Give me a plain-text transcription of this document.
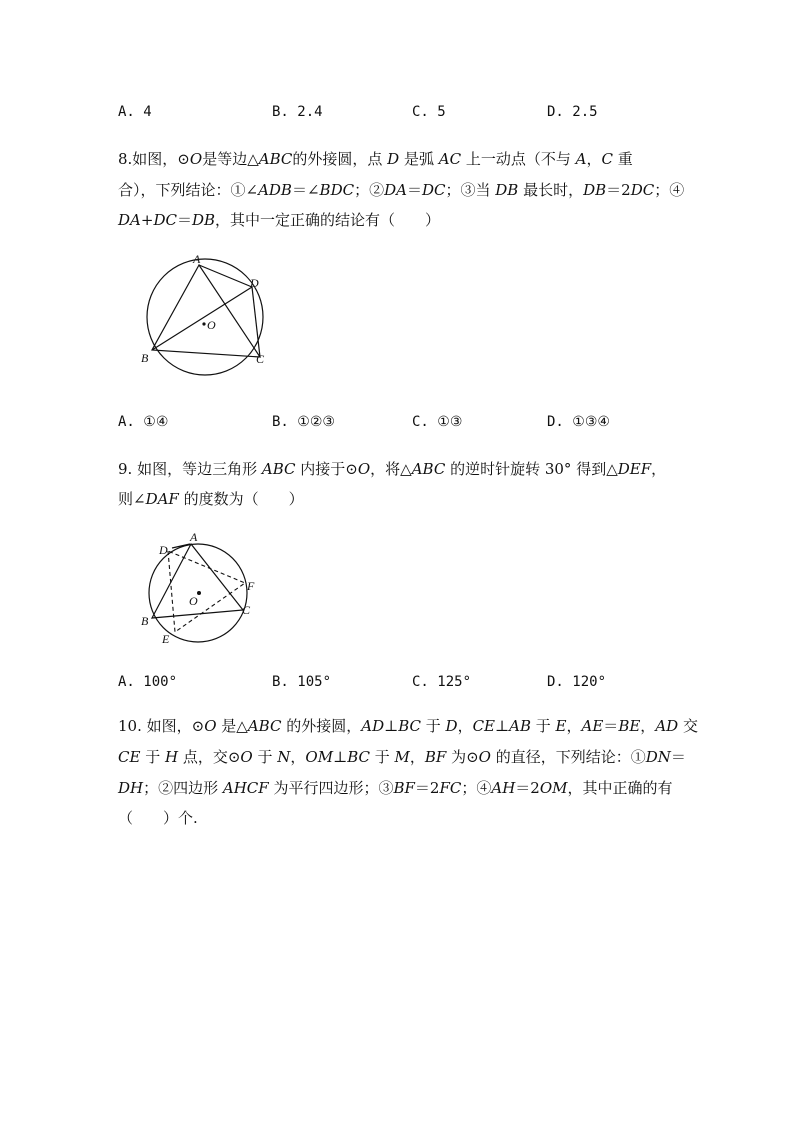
A. 4	B. 2.4	C. 5	D. 2.5
8.如图，⊙O是等边△ABC的外接圆，点 D 是弧 AC 上一动点（不与 A，C 重
合），下列结论：①∠ADB＝∠BDC；②DA＝DC；③当 DB 最长时，DB＝2DC；④
DA+DC＝DB，其中一定正确的结论有（　　）
A
D
O
B	C
A. ①④	B. ①②③	C. ①③	D. ①③④
9. 如图，等边三角形 ABC 内接于⊙O，将△ABC 的逆时针旋转 30° 得到△DEF，
则∠DAF 的度数为（　　）
A
D
F
O
C
B
E
A. 100°	B. 105°	C. 125°	D. 120°
10. 如图，⊙O 是△ABC 的外接圆，AD⊥BC 于 D，CE⊥AB 于 E，AE＝BE，AD 交
CE 于 H 点，交⊙O 于 N，OM⊥BC 于 M，BF 为⊙O 的直径，下列结论：①DN＝
DH；②四边形 AHCF 为平行四边形；③BF＝2FC；④AH＝2OM，其中正确的有
（　　）个.
